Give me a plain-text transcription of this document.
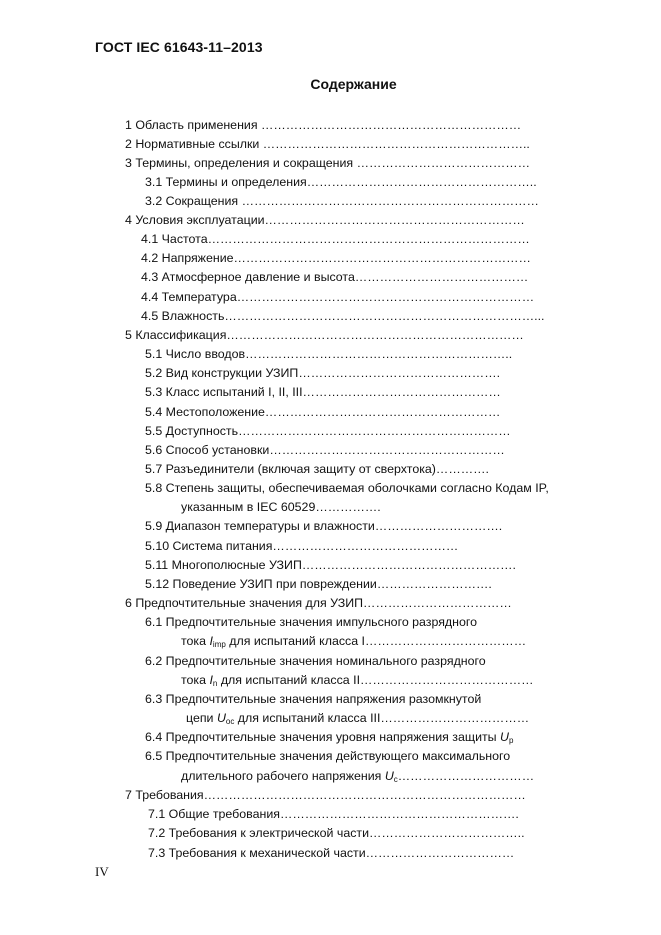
ГОСТ IEC 61643-11–2013
Содержание
1 Область применения ………………………………………………………
2 Нормативные ссылки ………………………………………………………..
3 Термины, определения и сокращения ……………………………………
3.1 Термины и определения………………………………………………..
3.2 Сокращения ………………………………………………………………
4 Условия эксплуатации………………………………………………………
4.1 Частота……………………………………………………………………
4.2 Напряжение………………………………………………………………
4.3 Атмосферное давление и высота……………………………………
4.4 Температура………………………………………………………………
4.5 Влажность…………………………………………………………………...
5 Классификация………………………………………………………………
5.1 Число вводов………………………………………………………..
5.2 Вид конструкции УЗИП………………………………………….
5.3 Класс испытаний I, II, III…………………………………………
5.4 Местоположение…………………………………………………
5.5 Доступность…………………………………………………………
5.6 Способ установки…………………………………………………
5.7 Разъединители (включая защиту от сверхтока)………….
5.8 Степень защиты, обеспечиваемая оболочками согласно Кодам IP,
указанным в IEC 60529…………….
5.9 Диапазон температуры и влажности………………………….
5.10 Система питания………………………………………
5.11 Многополюсные УЗИП…………………………………………….
5.12 Поведение УЗИП при повреждении……………………….
6 Предпочтительные значения для УЗИП………………………………
6.1 Предпочтительные значения импульсного разрядного
тока $I_{imp}$ для испытаний класса I…………………………………
6.2 Предпочтительные значения номинального разрядного
тока $I_n$ для испытаний класса II……………………………………
6.3 Предпочтительные значения напряжения разомкнутой
цепи $U_{oc}$ для испытаний класса III………………………………
6.4 Предпочтительные значения уровня напряжения защиты $U_p$
6.5 Предпочтительные значения действующего максимального
длительного рабочего напряжения $U_c\dots\dots\dots\dots\dots\dots\dots\dots\dots\dots\dots$
7 Требования……………………………………………………………………
7.1 Общие требования………………………………………………….
7.2 Требования к электрической части………………………………..
7.3 Требования к механической части………………………………
IV
